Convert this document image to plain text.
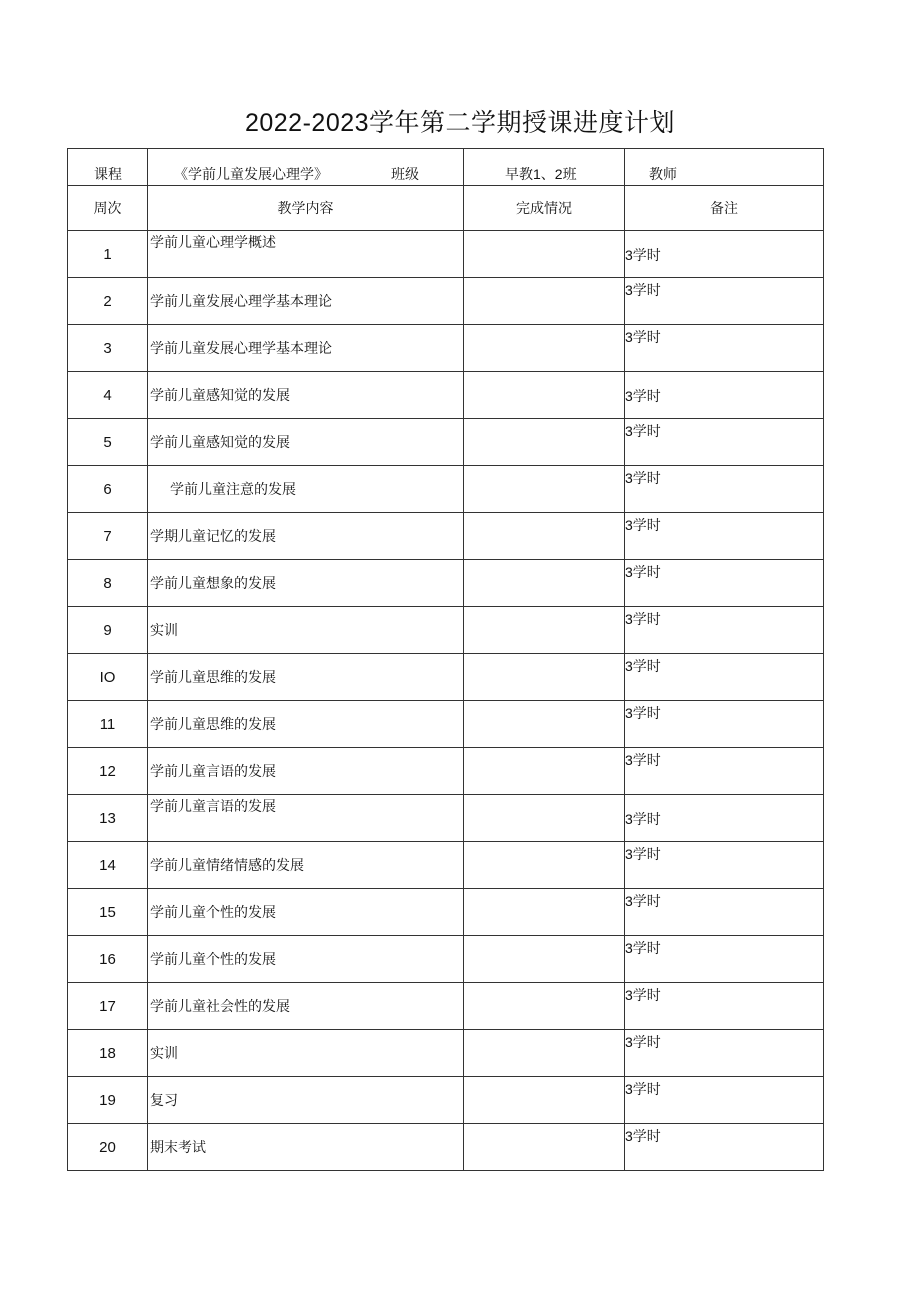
2022-2023学年第二学期授课进度计划
课程	《学前儿童发展心理学》 班级	早教1、2班	教师

周次	教学内容	完成情况	备注
1	学前儿童心理学概述		3学时

2	学前儿童发展心理学基本理论		3学时

3	学前儿童发展心理学基本理论		3学时

4	学前儿童感知觉的发展		3学时

5	学前儿童感知觉的发展		3学时

6	学前儿童注意的发展		3学时

7	学期儿童记忆的发展		3学时

8	学前儿童想象的发展		3学时

9	实训		3学时

IO	学前儿童思维的发展		3学时

11	学前儿童思维的发展		3学时

12	学前儿童言语的发展		3学时

13	学前儿童言语的发展		3学时

14	学前儿童情绪情感的发展		3学时

15	学前儿童个性的发展		3学时

16	学前儿童个性的发展		3学时

17	学前儿童社会性的发展		3学时

18	实训		3学时

19	复习		3学时

20	期末考试		3学时
